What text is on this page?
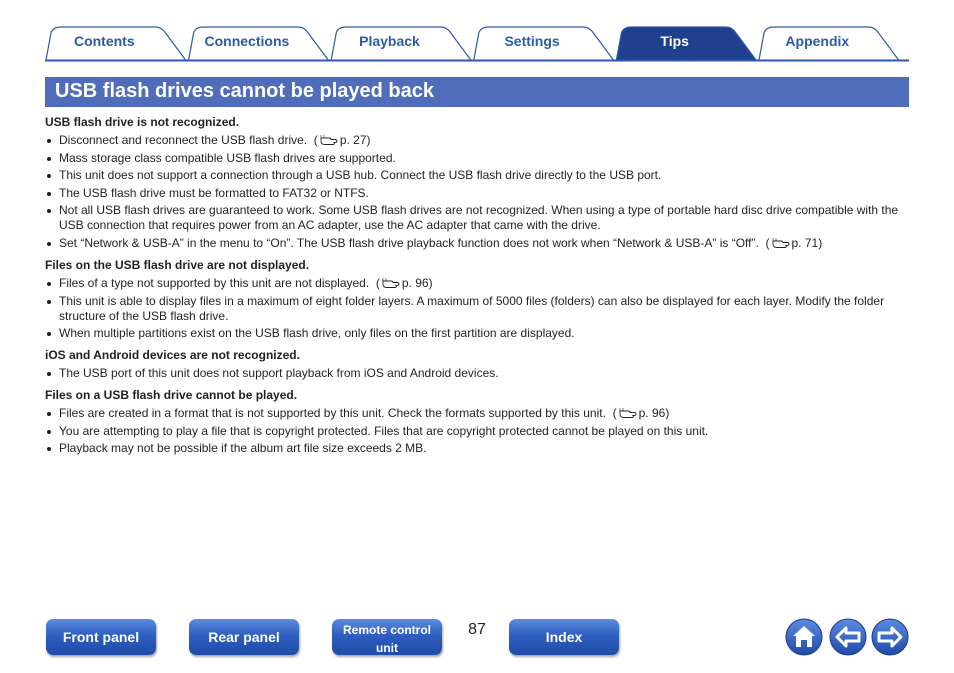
Contents	Connections	Playback	Settings	Tips	Appendix
USB flash drives cannot be played back
USB flash drive is not recognized.
Disconnect and reconnect the USB flash drive.  ( p. 27)
Mass storage class compatible USB flash drives are supported.
This unit does not support a connection through a USB hub. Connect the USB flash drive directly to the USB port.
The USB flash drive must be formatted to FAT32 or NTFS.
Not all USB flash drives are guaranteed to work. Some USB flash drives are not recognized. When using a type of portable hard disc drive compatible with the USB connection that requires power from an AC adapter, use the AC adapter that came with the drive.
Set “Network & USB-A” in the menu to “On”. The USB flash drive playback function does not work when “Network & USB-A” is “Off”.  ( p. 71)
Files on the USB flash drive are not displayed.
Files of a type not supported by this unit are not displayed.  ( p. 96)
This unit is able to display files in a maximum of eight folder layers. A maximum of 5000 files (folders) can also be displayed for each layer. Modify the folder structure of the USB flash drive.
When multiple partitions exist on the USB flash drive, only files on the first partition are displayed.
iOS and Android devices are not recognized.
The USB port of this unit does not support playback from iOS and Android devices.
Files on a USB flash drive cannot be played.
Files are created in a format that is not supported by this unit. Check the formats supported by this unit.  ( p. 96)
You are attempting to play a file that is copyright protected. Files that are copyright protected cannot be played on this unit.
Playback may not be possible if the album art file size exceeds 2 MB.
Front panel	Rear panel	Remote control
unit
87	Index
